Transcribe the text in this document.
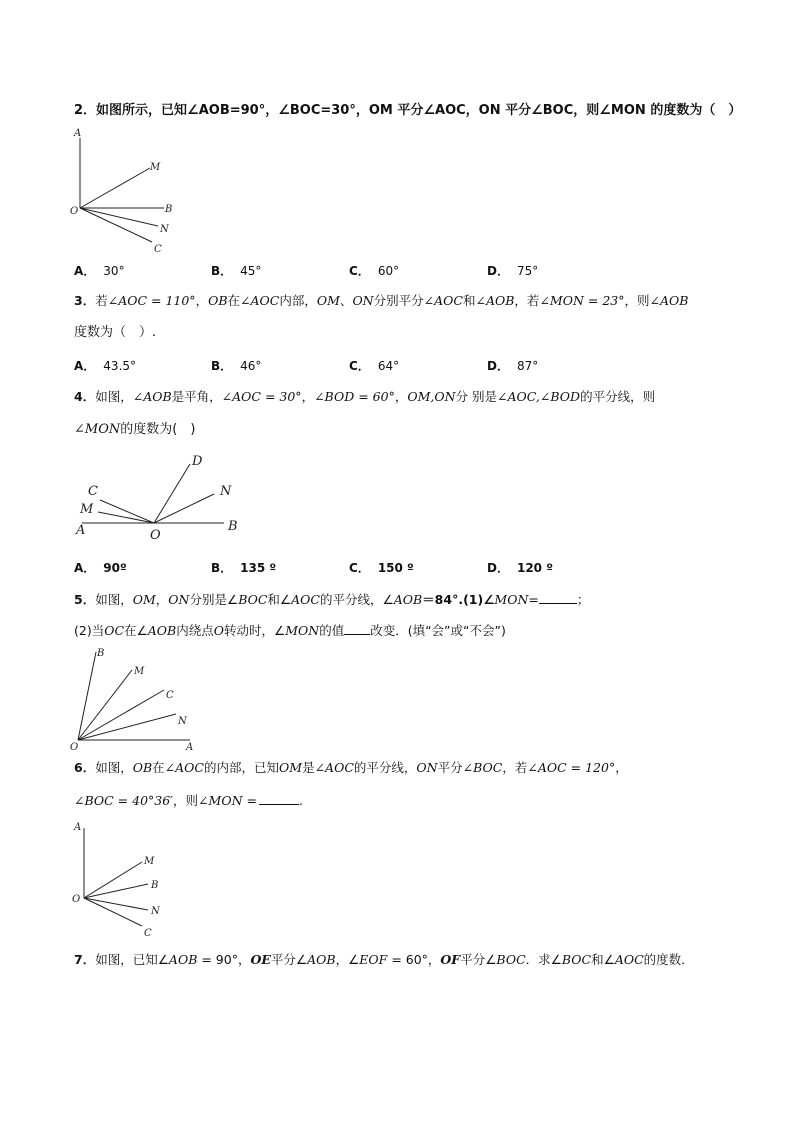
2．如图所示，已知∠AOB=90°，∠BOC=30°，OM 平分∠AOC，ON 平分∠BOC，则∠MON 的度数为（　）
A
M
O	B
N
C
A． 30°	B． 45°	C． 60°	D． 75°
3．若∠AOC = 110°，OB在∠AOC内部，OM、ON分别平分∠AOC和∠AOB，若∠MON = 23°，则∠AOB
度数为（　）.
A． 43.5°	B． 46°	C． 64°	D． 87°
4．如图，∠AOB是平角，∠AOC = 30°，∠BOD = 60°，OM,ON分 别是∠AOC,∠BOD的平分线，则
∠MON的度数为(　)
D
C	N
M
A	O
B
A． 90º	B． 135 º	C． 150 º	D． 120 º
5．如图，OM，ON分别是∠BOC和∠AOC的平分线，∠AOB＝84°.(1)∠MON=	；
(2)当OC在∠AOB内绕点O转动时，∠MON的值 改变．(填“会”或“不会”)
B
M
C
N
O	A
6．如图，OB在∠AOC的内部，已知OM是∠AOC的平分线，ON平分∠BOC，若∠AOC = 120°，
∠BOC = 40°36′，则∠MON =	.
A
M
B
O
N
C
7．如图，已知∠AOB = 90°，OE平分∠AOB，∠EOF = 60°，OF平分∠BOC．求∠BOC和∠AOC的度数．
